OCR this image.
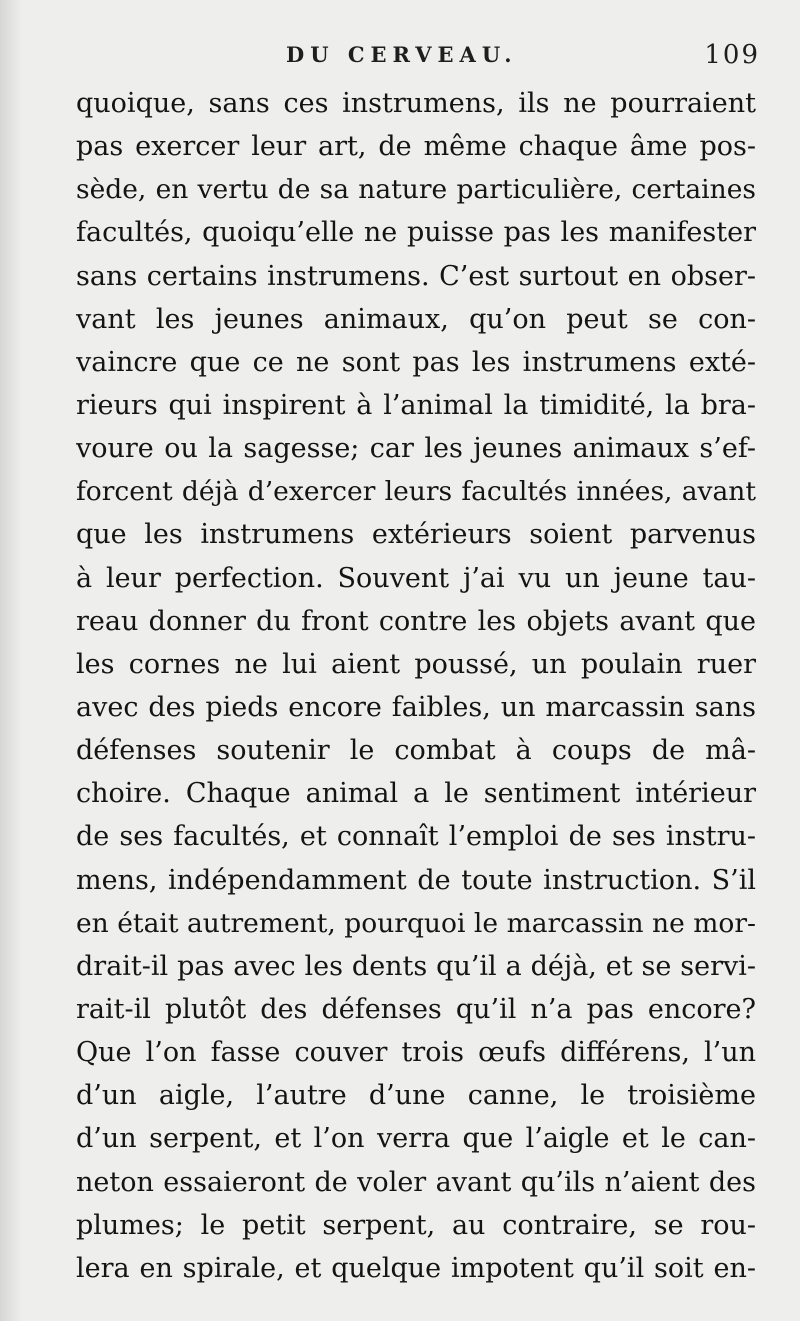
DU CERVEAU.	109
quoique, sans ces instrumens, ils ne pourraient
pas exercer leur art, de même chaque âme pos-
sède, en vertu de sa nature particulière, certaines
facultés, quoiqu’elle ne puisse pas les manifester
sans certains instrumens. C’est surtout en obser-
vant les jeunes animaux, qu’on peut se con-
vaincre que ce ne sont pas les instrumens exté-
rieurs qui inspirent à l’animal la timidité, la bra-
voure ou la sagesse; car les jeunes animaux s’ef-
forcent déjà d’exercer leurs facultés innées, avant
que les instrumens extérieurs soient parvenus
à leur perfection. Souvent j’ai vu un jeune tau-
reau donner du front contre les objets avant que
les cornes ne lui aient poussé, un poulain ruer
avec des pieds encore faibles, un marcassin sans
défenses soutenir le combat à coups de mâ-
choire. Chaque animal a le sentiment intérieur
de ses facultés, et connaît l’emploi de ses instru-
mens, indépendamment de toute instruction. S’il
en était autrement, pourquoi le marcassin ne mor-
drait-il pas avec les dents qu’il a déjà, et se servi-
rait-il plutôt des défenses qu’il n’a pas encore?
Que l’on fasse couver trois œufs différens, l’un
d’un aigle, l’autre d’une canne, le troisième
d’un serpent, et l’on verra que l’aigle et le can-
neton essaieront de voler avant qu’ils n’aient des
plumes; le petit serpent, au contraire, se rou-
lera en spirale, et quelque impotent qu’il soit en-
